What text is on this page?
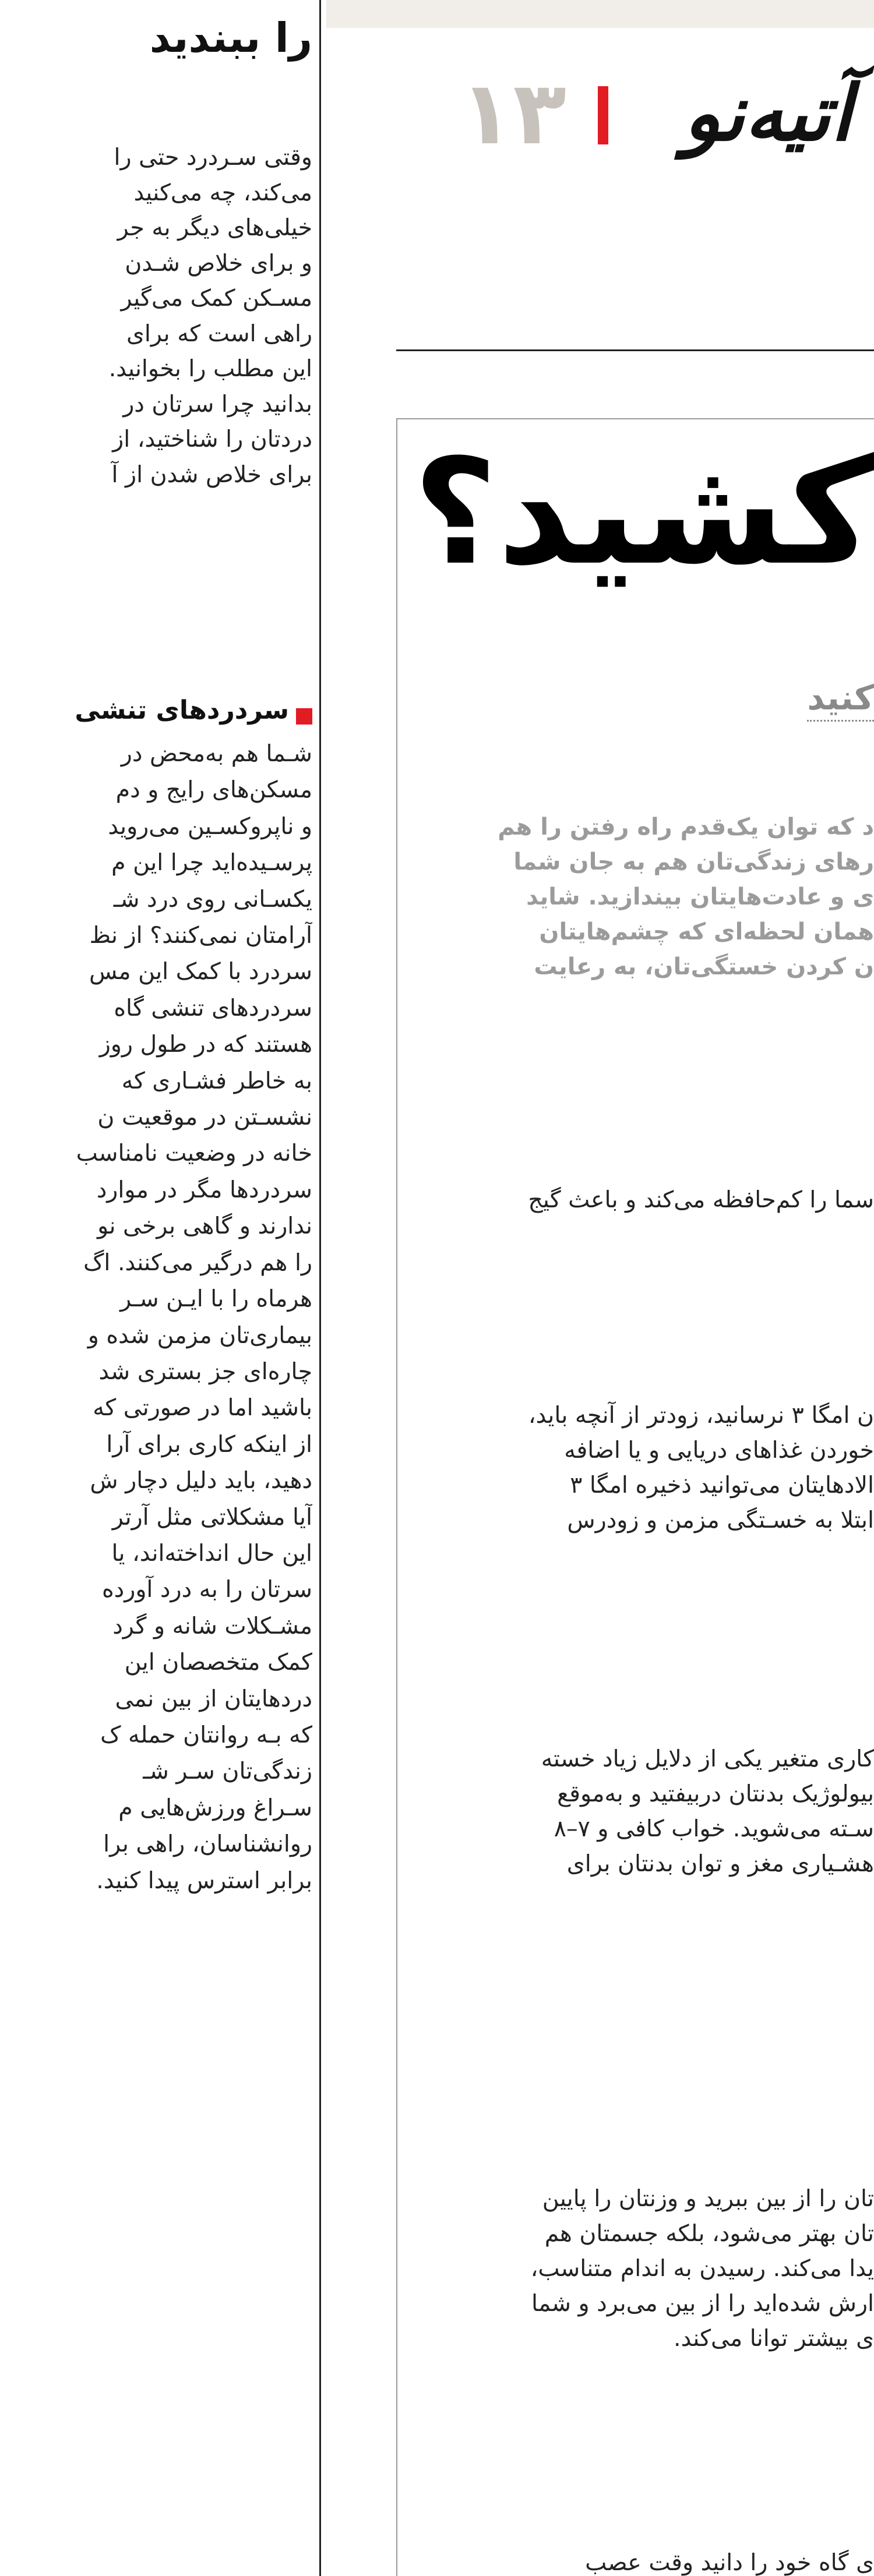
را ببندید
وقتی سـردرد حتی را
می‌کند، چه می‌کنید
خیلی‌های دیگر به جر
و برای خلاص شـدن
مسـکن کمک می‌گیر
راهی است که برای
این مطلب را بخوانید.
بدانید چرا سرتان در
دردتان را شناختید، از
برای خلاص شدن از آ
سردردهای تنشی
شـما هم به‌محض در
مسکن‌های رایج و دم
و ناپروکسـین می‌روید
پرسـیده‌اید چرا این م
یکسـانی روی درد شـ
آرامتان نمی‌کنند؟ از نظ
سردرد با کمک این مس
سردردهای تنشی گاه
هستند که در طول روز
به خاطر فشـاری که
نشسـتن در موقعیت ن
خانه در وضعیت نامناسب
سردردها مگر در موارد
ندارند و گاهی برخی نو
را هم درگیر می‌کنند. اگ
هرماه را با ایـن سـر
بیماری‌تان مزمن شده و
چاره‌ای جز بستری شد
باشید اما در صورتی که
از اینکه کاری برای آرا
دهید، باید دلیل دچار ش
آیا مشکلاتی مثل آرتر
این حال انداخته‌اند، یا
سرتان را به درد آورده
مشـکلات شانه و گرد
کمک متخصصان این
دردهایتان از بین نمی
که بـه روانتان حمله ک
زندگی‌تان سـر شـ
سـراغ ورزش‌هایی م
روانشناسان، راهی برا
برابر استرس پیدا کنید.
آتیه‌نو
۱۳
کشید؟
کنید
د که توان یک‌قدم راه رفتن را هم
رهای زندگی‌تان هم به جان شما
ی و عادت‌هایتان بیندازید. شاید
همان لحظه‌ای که چشم‌هایتان
ن کردن خستگی‌تان، به رعایت
سما را کم‌حافظه می‌کند و باعث گیج
ن امگا ۳ نرسانید، زودتر از آنچه باید،
خوردن غذاهای دریایی و یا اضافه
الادهایتان می‌توانید ذخیره امگا ۳
ابتلا به خسـتگی مزمن و زودرس
کاری متغیر یکی از دلایل زیاد خسته
بیولوژیک بدنتان دربیفتید و به‌موقع
سـته می‌شوید. خواب کافی و ۷–۸
هشـیاری مغز و توان بدنتان برای
تان را از بین ببرید و وزنتان را پایین
تان بهتر می‌شود، بلکه جسمتان هم
یدا می‌کند. رسیدن به اندام متناسب،
ارش شده‌اید را از بین می‌برد و شما
ی بیشتر توانا می‌کند.
ی گاه خود را دانید وقت عصب
